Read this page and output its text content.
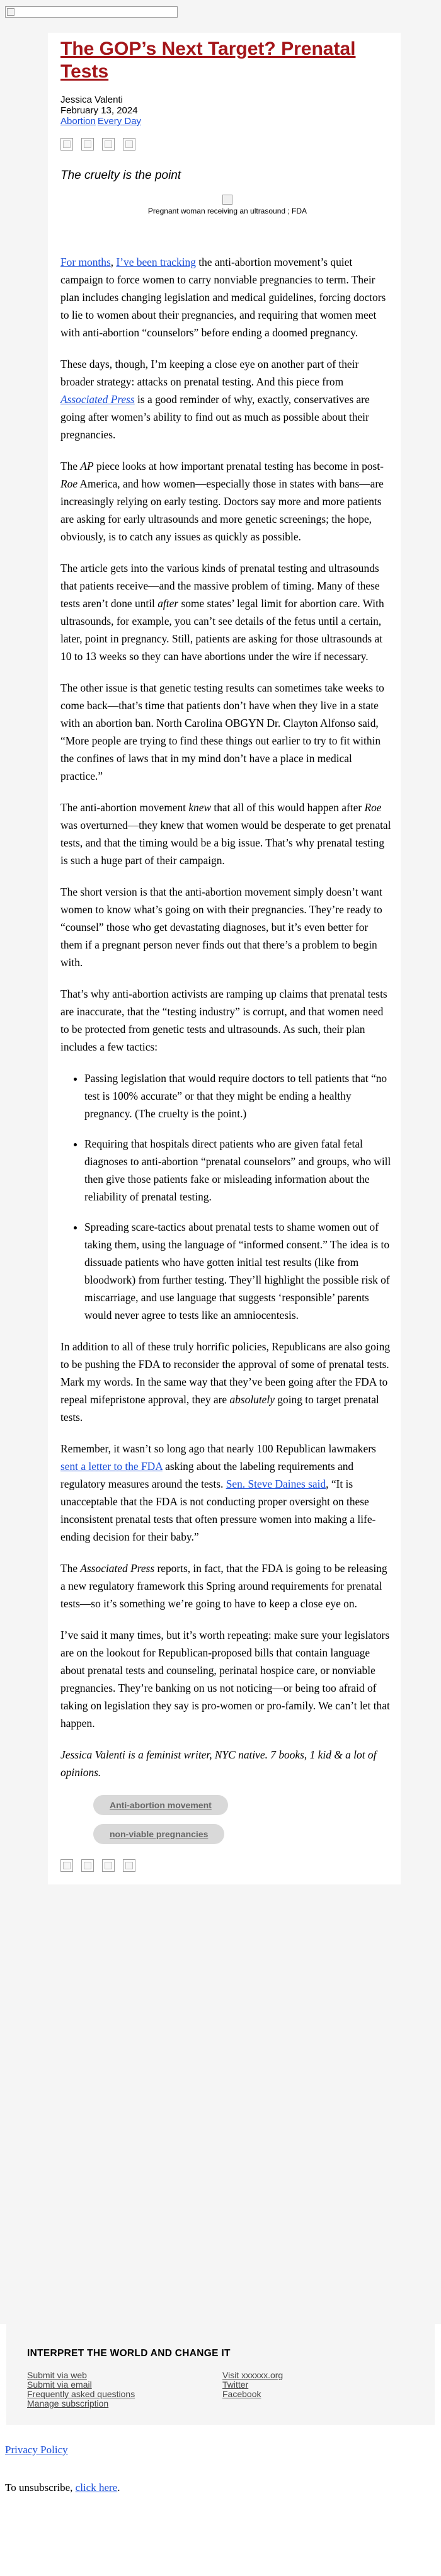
The GOP’s Next Target? Prenatal Tests
Jessica Valenti
February 13, 2024
Abortion Every Day
The cruelty is the point
Pregnant woman receiving an ultrasound ; FDA

For months, I’ve been tracking the anti-abortion movement’s quiet campaign to force women to carry nonviable pregnancies to term. Their plan includes changing legislation and medical guidelines, forcing doctors to lie to women about their pregnancies, and requiring that women meet with anti-abortion “counselors” before ending a doomed pregnancy.

These days, though, I’m keeping a close eye on another part of their broader strategy: attacks on prenatal testing. And this piece from Associated Press is a good reminder of why, exactly, conservatives are going after women’s ability to find out as much as possible about their pregnancies.

The AP piece looks at how important prenatal testing has become in post-Roe America, and how women—especially those in states with bans—are increasingly relying on early testing. Doctors say more and more patients are asking for early ultrasounds and more genetic screenings; the hope, obviously, is to catch any issues as quickly as possible.

The article gets into the various kinds of prenatal testing and ultrasounds that patients receive—and the massive problem of timing. Many of these tests aren’t done until after some states’ legal limit for abortion care. With ultrasounds, for example, you can’t see details of the fetus until a certain, later, point in pregnancy. Still, patients are asking for those ultrasounds at 10 to 13 weeks so they can have abortions under the wire if necessary.

The other issue is that genetic testing results can sometimes take weeks to come back—that’s time that patients don’t have when they live in a state with an abortion ban. North Carolina OBGYN Dr. Clayton Alfonso said, “More people are trying to find these things out earlier to try to fit within the confines of laws that in my mind don’t have a place in medical practice.”

The anti-abortion movement knew that all of this would happen after Roe was overturned—they knew that women would be desperate to get prenatal tests, and that the timing would be a big issue. That’s why prenatal testing is such a huge part of their campaign.

The short version is that the anti-abortion movement simply doesn’t want women to know what’s going on with their pregnancies. They’re ready to “counsel” those who get devastating diagnoses, but it’s even better for them if a pregnant person never finds out that there’s a problem to begin with.

That’s why anti-abortion activists are ramping up claims that prenatal tests are inaccurate, that the “testing industry” is corrupt, and that women need to be protected from genetic tests and ultrasounds. As such, their plan includes a few tactics:

• Passing legislation that would require doctors to tell patients that “no test is 100% accurate” or that they might be ending a healthy pregnancy. (The cruelty is the point.)
• Requiring that hospitals direct patients who are given fatal fetal diagnoses to anti-abortion “prenatal counselors” and groups, who will then give those patients fake or misleading information about the reliability of prenatal testing.
• Spreading scare-tactics about prenatal tests to shame women out of taking them, using the language of “informed consent.” The idea is to dissuade patients who have gotten initial test results (like from bloodwork) from further testing. They’ll highlight the possible risk of miscarriage, and use language that suggests ‘responsible’ parents would never agree to tests like an amniocentesis.

In addition to all of these truly horrific policies, Republicans are also going to be pushing the FDA to reconsider the approval of some of prenatal tests. Mark my words. In the same way that they’ve been going after the FDA to repeal mifepristone approval, they are absolutely going to target prenatal tests.

Remember, it wasn’t so long ago that nearly 100 Republican lawmakers sent a letter to the FDA asking about the labeling requirements and regulatory measures around the tests. Sen. Steve Daines said, “It is unacceptable that the FDA is not conducting proper oversight on these inconsistent prenatal tests that often pressure women into making a life-ending decision for their baby.”

The Associated Press reports, in fact, that the FDA is going to be releasing a new regulatory framework this Spring around requirements for prenatal tests—so it’s something we’re going to have to keep a close eye on.

I’ve said it many times, but it’s worth repeating: make sure your legislators are on the lookout for Republican-proposed bills that contain language about prenatal tests and counseling, perinatal hospice care, or nonviable pregnancies. They’re banking on us not noticing—or being too afraid of taking on legislation they say is pro-women or pro-family. We can’t let that happen.

Jessica Valenti is a feminist writer, NYC native. 7 books, 1 kid & a lot of opinions.

Anti-abortion movement
non-viable pregnancies
INTERPRET THE WORLD AND CHANGE IT
Submit via web
Submit via email
Frequently asked questions
Manage subscription
Visit xxxxxx.org
Twitter
Facebook
Privacy Policy
To unsubscribe, click here.
